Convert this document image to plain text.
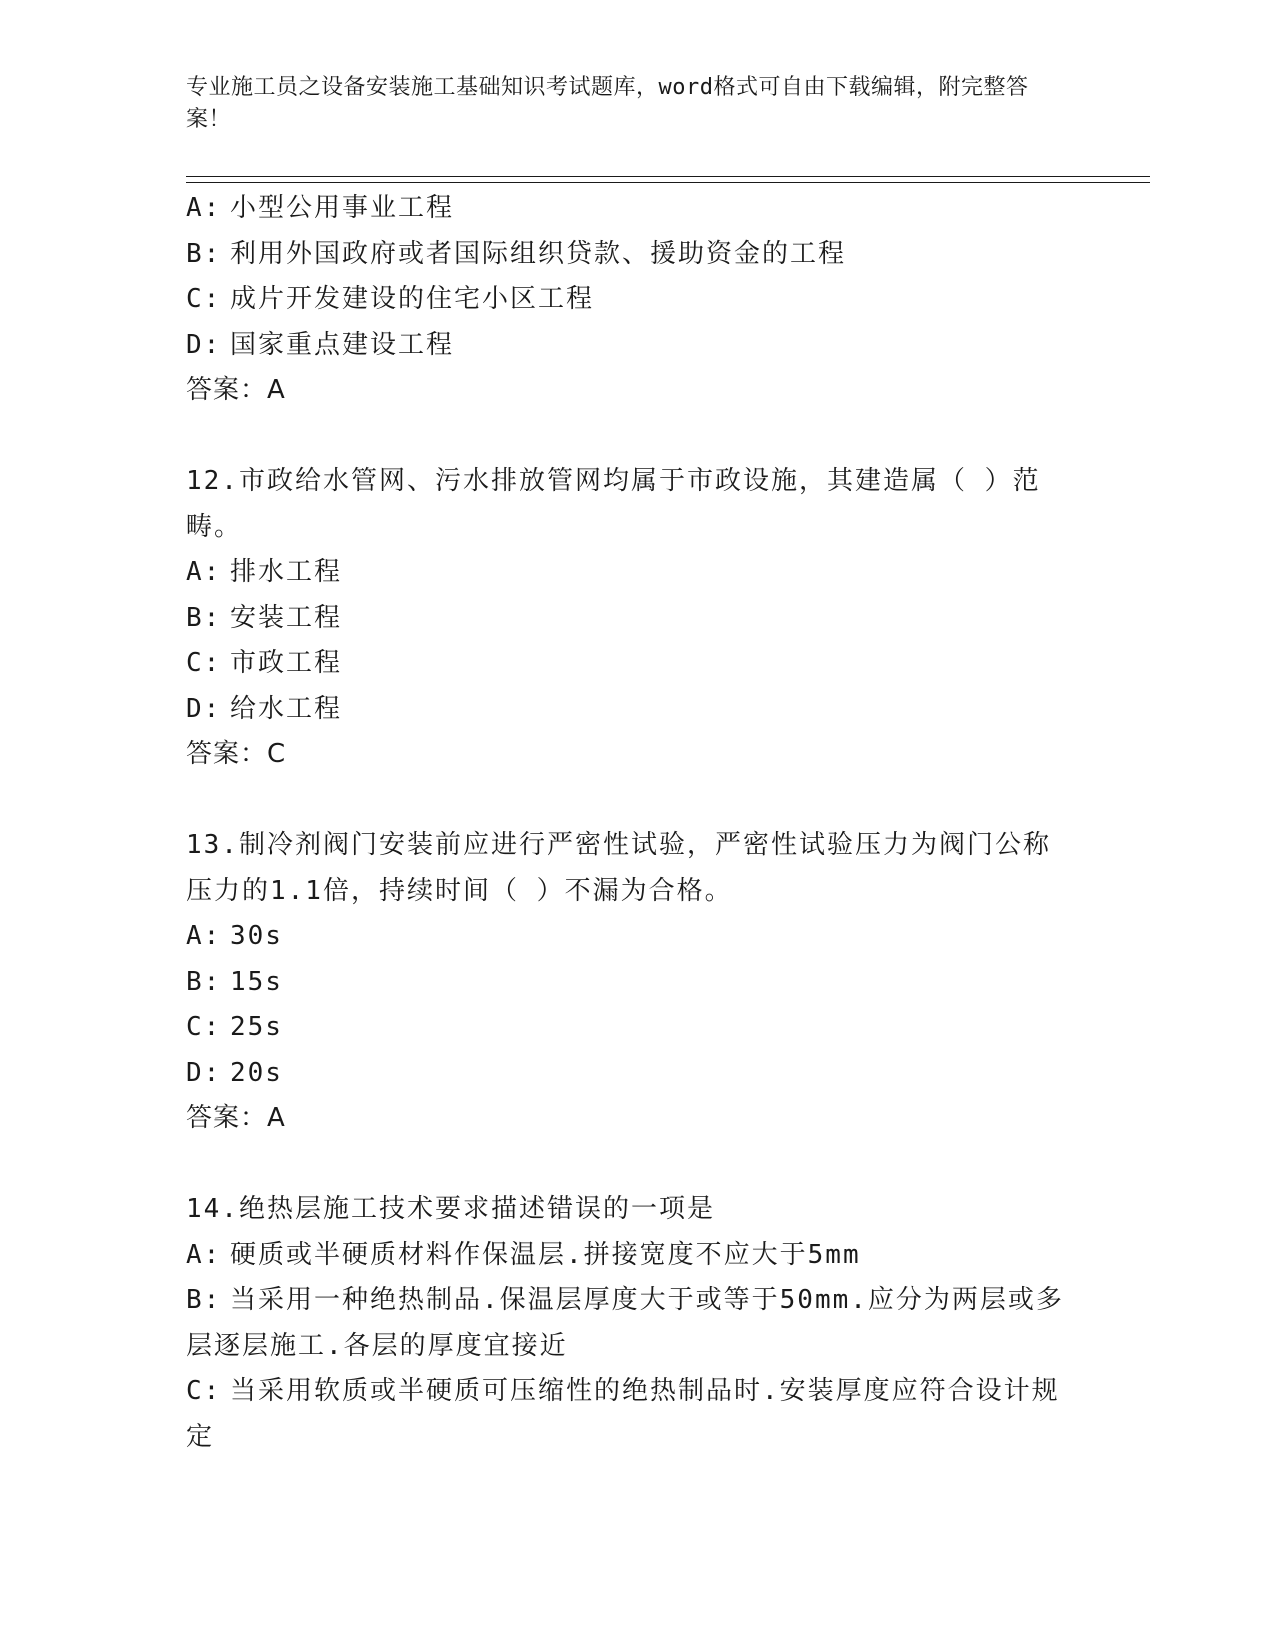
专业施工员之设备安装施工基础知识考试题库，word格式可自由下载编辑，附完整答案！
A: 小型公用事业工程
B: 利用外国政府或者国际组织贷款、援助资金的工程
C: 成片开发建设的住宅小区工程
D: 国家重点建设工程
答案：A
12.市政给水管网、污水排放管网均属于市政设施，其建造属（ ）范畴。
A: 排水工程
B: 安装工程
C: 市政工程
D: 给水工程
答案：C
13.制冷剂阀门安装前应进行严密性试验，严密性试验压力为阀门公称压力的1.1倍，持续时间（ ）不漏为合格。
A: 30s
B: 15s
C: 25s
D: 20s
答案：A
14.绝热层施工技术要求描述错误的一项是
A: 硬质或半硬质材料作保温层.拼接宽度不应大于5mm
B: 当采用一种绝热制品.保温层厚度大于或等于50mm.应分为两层或多层逐层施工.各层的厚度宜接近
C: 当采用软质或半硬质可压缩性的绝热制品时.安装厚度应符合设计规定
